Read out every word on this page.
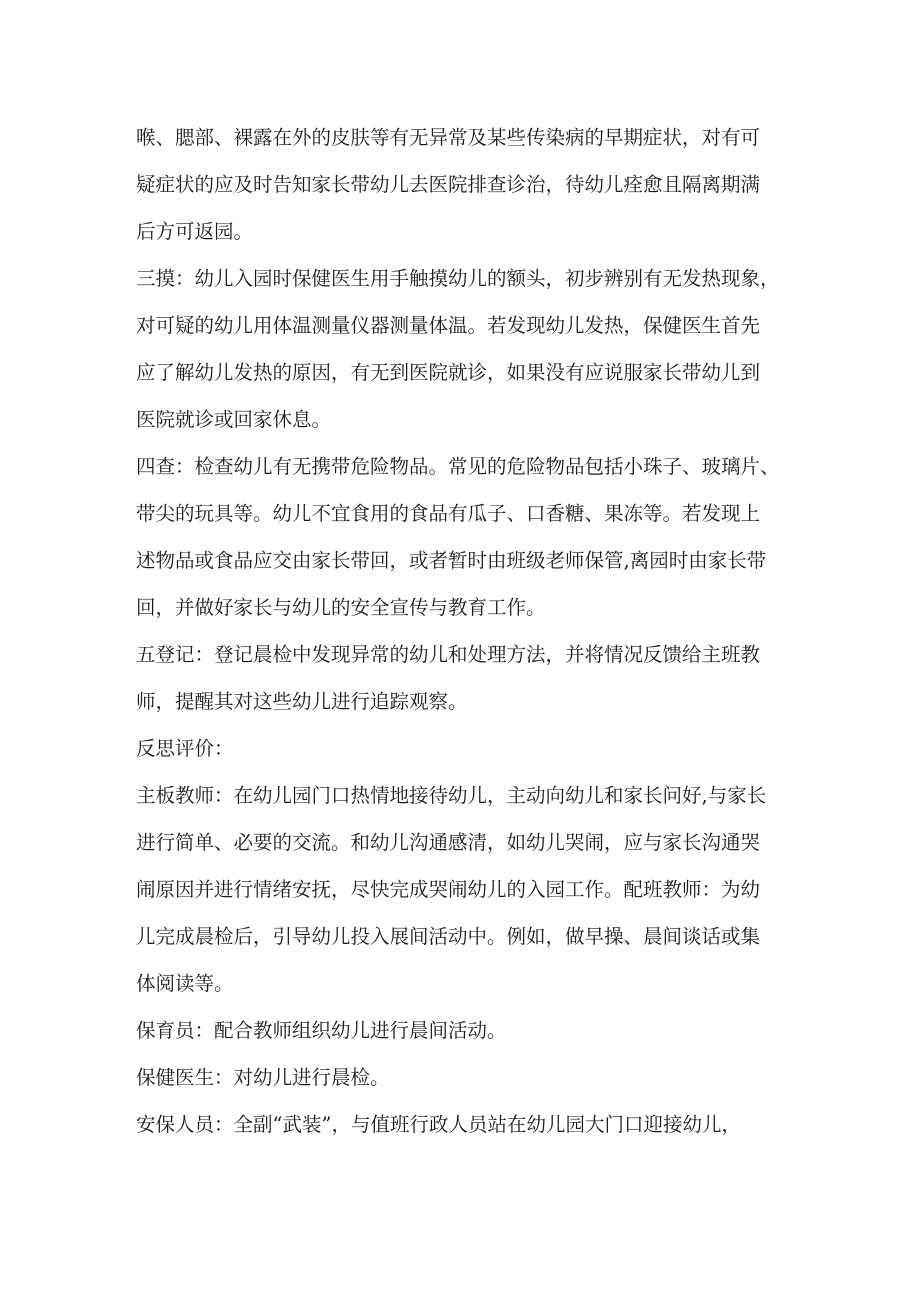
喉、腮部、裸露在外的皮肤等有无异常及某些传染病的早期症状，对有可
疑症状的应及时告知家长带幼儿去医院排查诊治，待幼儿痊愈且隔离期满
后方可返园。

三摸：幼儿入园时保健医生用手触摸幼儿的额头，初步辨别有无发热现象，
对可疑的幼儿用体温测量仪器测量体温。若发现幼儿发热，保健医生首先
应了解幼儿发热的原因，有无到医院就诊，如果没有应说服家长带幼儿到
医院就诊或回家休息。

四查：检查幼儿有无携带危险物品。常见的危险物品包括小珠子、玻璃片、
带尖的玩具等。幼儿不宜食用的食品有瓜子、口香糖、果冻等。若发现上
述物品或食品应交由家长带回，或者暂时由班级老师保管,离园时由家长带
回，并做好家长与幼儿的安全宣传与教育工作。

五登记：登记晨检中发现异常的幼儿和处理方法，并将情况反馈给主班教
师，提醒其对这些幼儿进行追踪观察。

反思评价：

主板教师：在幼儿园门口热情地接待幼儿，主动向幼儿和家长问好,与家长
进行简单、必要的交流。和幼儿沟通感清，如幼儿哭闹，应与家长沟通哭
闹原因并进行情绪安抚，尽快完成哭闹幼儿的入园工作。配班教师：为幼
儿完成晨检后，引导幼儿投入展间活动中。例如，做早操、晨间谈话或集
体阅读等。

保育员：配合教师组织幼儿进行晨间活动。

保健医生：对幼儿进行晨检。

安保人员：全副“武装”，与值班行政人员站在幼儿园大门口迎接幼儿，
